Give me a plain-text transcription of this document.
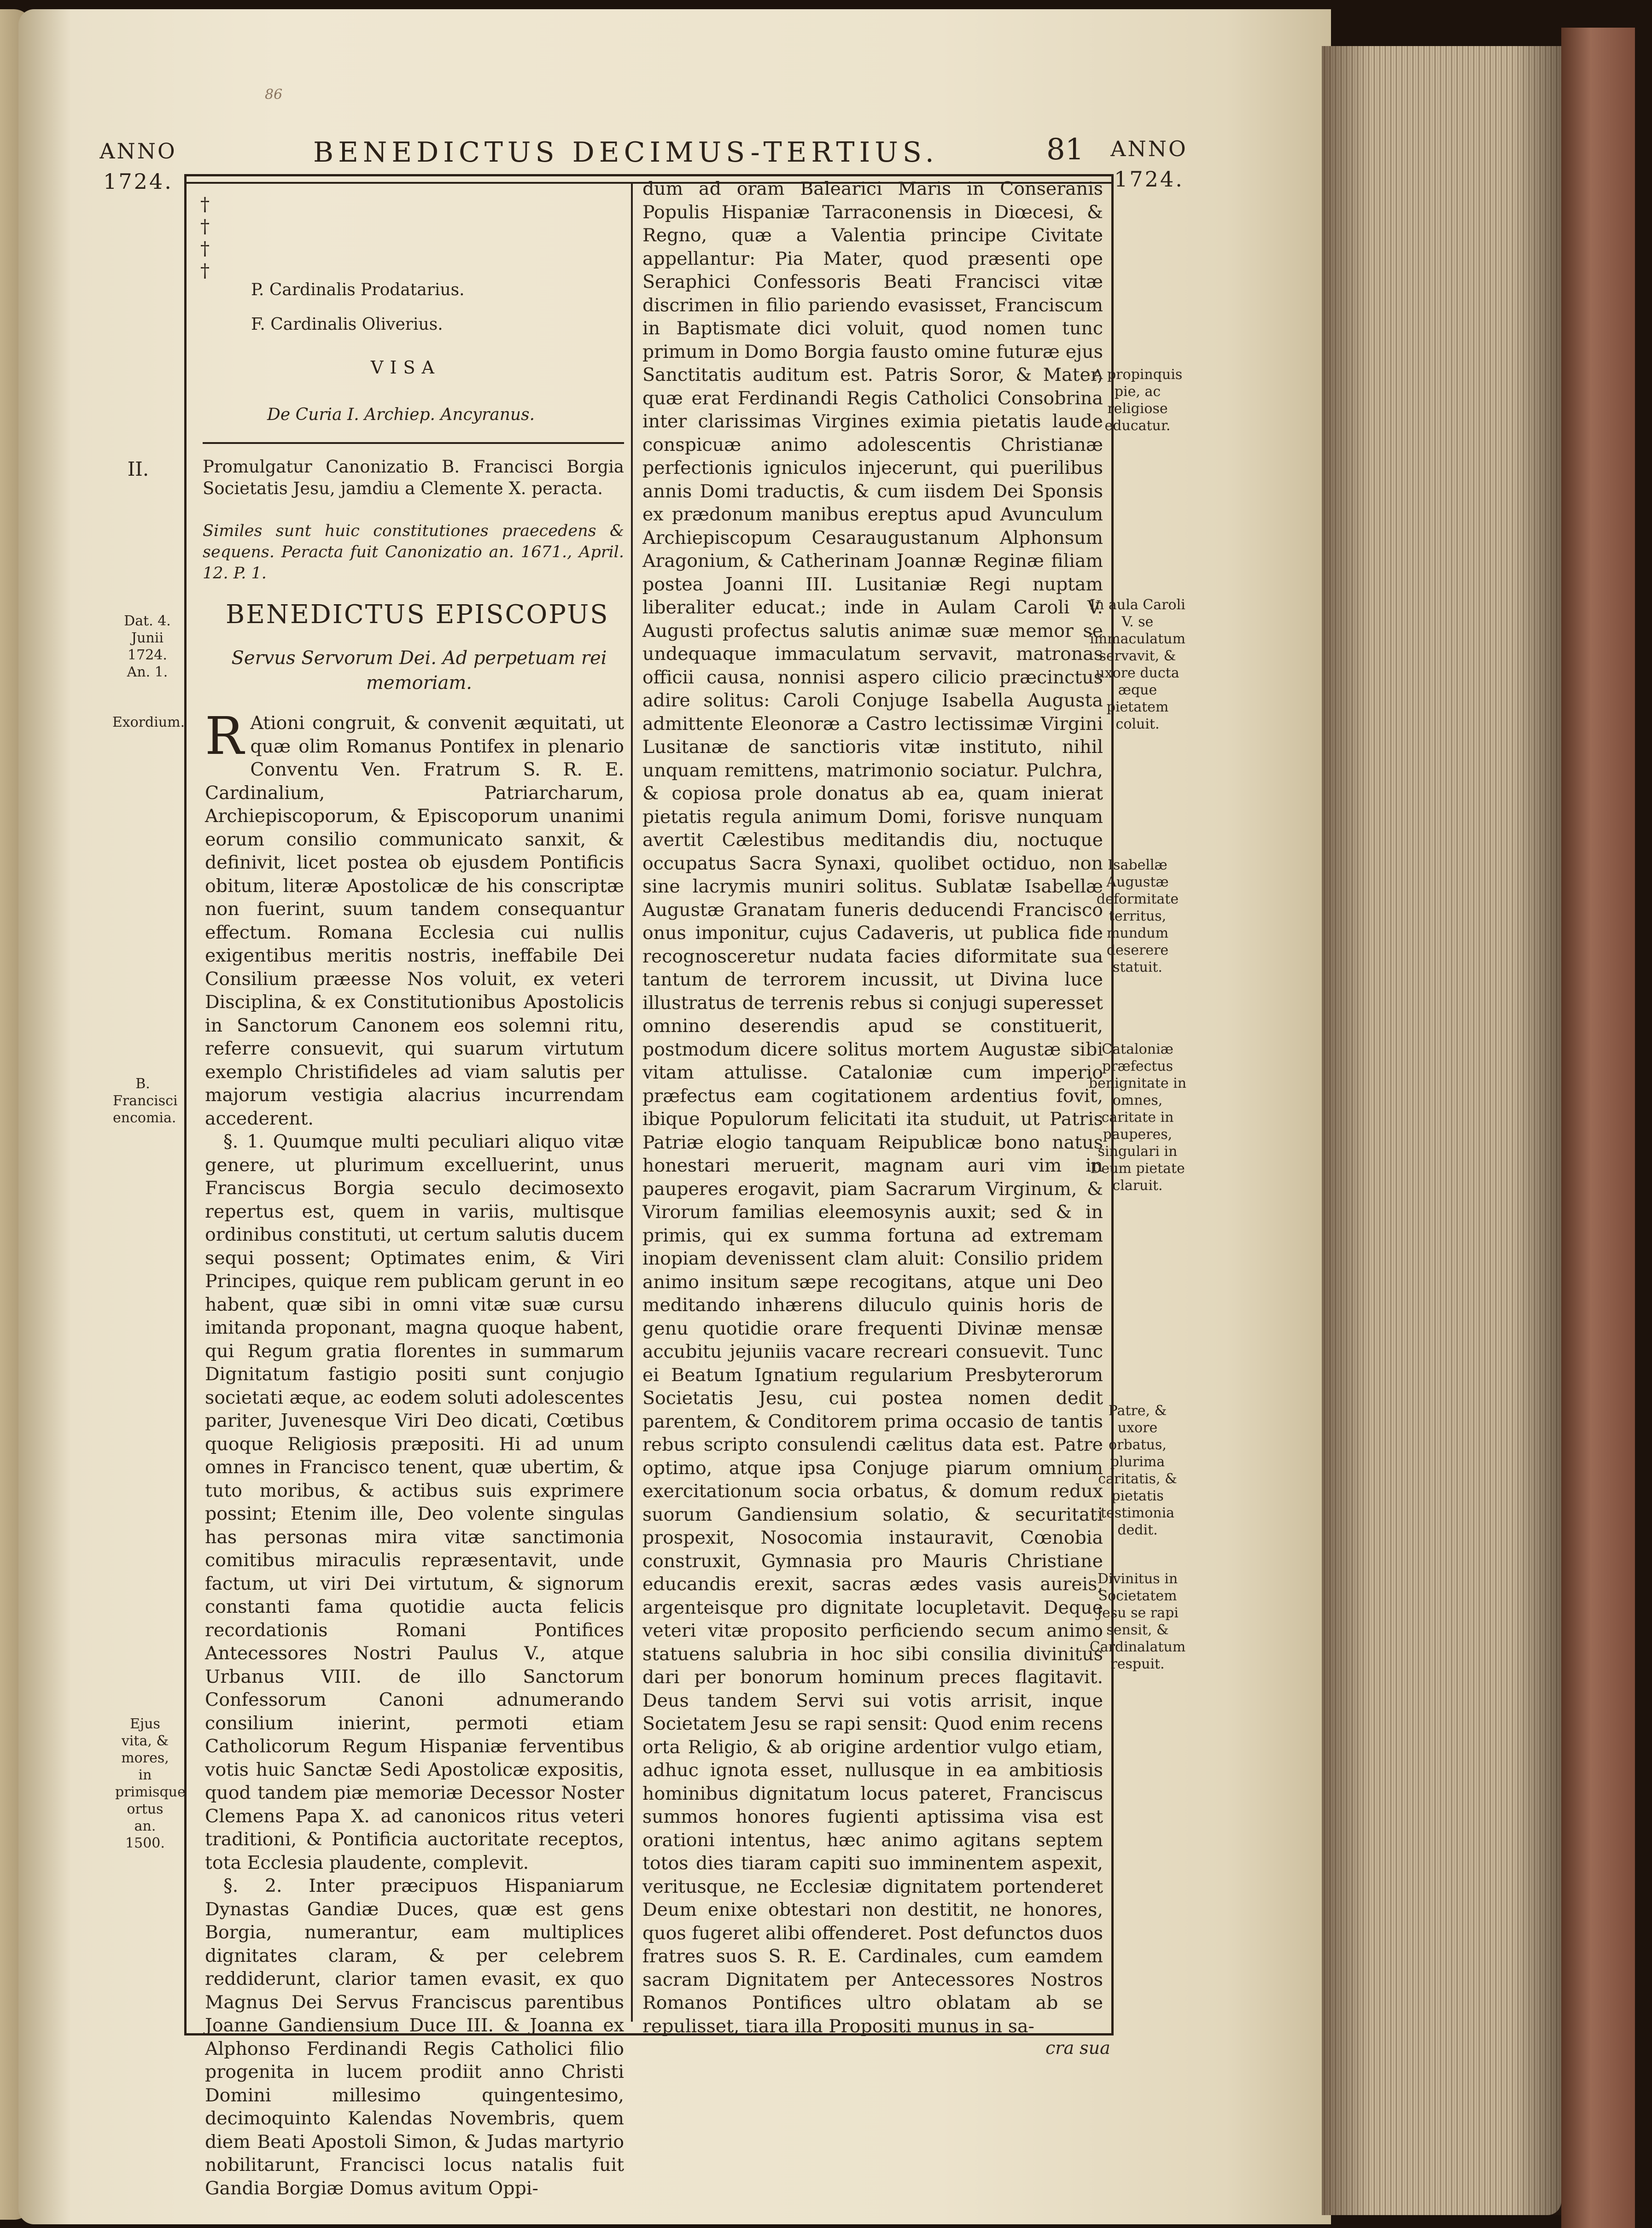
86
ANNO
1724.
BENEDICTUS DECIMUS-TERTIUS.	81 ANNO
1724.
†
†
†
†
P. Cardinalis Prodatarius.
F. Cardinalis Oliverius.
VISA
De Curia I. Archiep. Ancyranus.
Promulgatur Canonizatio B. Francisci Borgia Societatis Jesu, jamdiu a Clemente X. peracta.
Similes sunt huic constitutiones praecedens & sequens. Peracta fuit Canonizatio an. 1671., April. 12. P. 1.
BENEDICTUS EPISCOPUS
Servus Servorum Dei. Ad perpetuam rei memoriam.

R Ationi congruit, & convenit æquitati, ut quæ olim Romanus Pontifex in plenario Conventu Ven. Fratrum S. R. E. Cardinalium, Patriarcharum, Archiepiscoporum, & Episcoporum unanimi eorum consilio communicato sanxit, & definivit, licet postea ob ejusdem Pontificis obitum, literæ Apostolicæ de his conscriptæ non fuerint, suum tandem consequantur effectum. Romana Ecclesia cui nullis exigentibus meritis nostris, ineffabile Dei Consilium præesse Nos voluit, ex veteri Disciplina, & ex Constitutionibus Apostolicis in Sanctorum Canonem eos solemni ritu, referre consuevit, qui suarum virtutum exemplo Christifideles ad viam salutis per majorum vestigia alacrius incurrendam accederent.

§. 1. Quumque multi peculiari aliquo vitæ genere, ut plurimum excelluerint, unus Franciscus Borgia seculo decimosexto repertus est, quem in variis, multisque ordinibus constituti, ut certum salutis ducem sequi possent; Optimates enim, & Viri Principes, quique rem publicam gerunt in eo habent, quæ sibi in omni vitæ suæ cursu imitanda proponant, magna quoque habent, qui Regum gratia florentes in summarum Dignitatum fastigio positi sunt conjugio societati æque, ac eodem soluti adolescentes pariter, Juvenesque Viri Deo dicati, Cœtibus quoque Religiosis præpositi. Hi ad unum omnes in Francisco tenent, quæ ubertim, & tuto moribus, & actibus suis exprimere possint; Etenim ille, Deo volente singulas has personas mira vitæ sanctimonia comitibus miraculis repræsentavit, unde factum, ut viri Dei virtutum, & signorum constanti fama quotidie aucta felicis recordationis Romani Pontifices Antecessores Nostri Paulus V., atque Urbanus VIII. de illo Sanctorum Confessorum Canoni adnumerando consilium inierint, permoti etiam Catholicorum Regum Hispaniæ ferventibus votis huic Sanctæ Sedi Apostolicæ expositis, quod tandem piæ memoriæ Decessor Noster Clemens Papa X. ad canonicos ritus veteri traditioni, & Pontificia auctoritate receptos, tota Ecclesia plaudente, complevit.

§. 2. Inter præcipuos Hispaniarum Dynastas Gandiæ Duces, quæ est gens Borgia, numerantur, eam multiplices dignitates claram, & per celebrem reddiderunt, clarior tamen evasit, ex quo Magnus Dei Servus Franciscus parentibus Joanne Gandiensium Duce III. & Joanna ex Alphonso Ferdinandi Regis Catholici filio progenita in lucem prodiit anno Christi Domini millesimo quingentesimo, decimoquinto Kalendas Novembris, quem diem Beati Apostoli Simon, & Judas martyrio nobilitarunt, Francisci locus natalis fuit Gandia Borgiæ Domus avitum Oppi-

dum ad oram Balearici Maris in Conseranis Populis Hispaniæ Tarraconensis in Diœcesi, & Regno, quæ a Valentia principe Civitate appellantur: Pia Mater, quod præsenti ope Seraphici Confessoris Beati Francisci vitæ discrimen in filio pariendo evasisset, Franciscum in Baptismate dici voluit, quod nomen tunc primum in Domo Borgia fausto omine futuræ ejus Sanctitatis auditum est. Patris Soror, & Mater, quæ erat Ferdinandi Regis Catholici Consobrina inter clarissimas Virgines eximia pietatis laude conspicuæ animo adolescentis Christianæ perfectionis igniculos injecerunt, qui puerilibus annis Domi traductis, & cum iisdem Dei Sponsis ex prædonum manibus ereptus apud Avunculum Archiepiscopum Cesaraugustanum Alphonsum Aragonium, & Catherinam Joannæ Reginæ filiam postea Joanni III. Lusitaniæ Regi nuptam liberaliter educat.; inde in Aulam Caroli V. Augusti profectus salutis animæ suæ memor se undequaque immaculatum servavit, matronas officii causa, nonnisi aspero cilicio præcinctus adire solitus: Caroli Conjuge Isabella Augusta admittente Eleonoræ a Castro lectissimæ Virgini Lusitanæ de sanctioris vitæ instituto, nihil unquam remittens, matrimonio sociatur. Pulchra, & copiosa prole donatus ab ea, quam inierat pietatis regula animum Domi, forisve nunquam avertit Cælestibus meditandis diu, noctuque occupatus Sacra Synaxi, quolibet octiduo, non sine lacrymis muniri solitus. Sublatæ Isabellæ Augustæ Granatam funeris deducendi Francisco onus imponitur, cujus Cadaveris, ut publica fide recognosceretur nudata facies diformitate sua tantum de terrorem incussit, ut Divina luce illustratus de terrenis rebus si conjugi superesset omnino deserendis apud se constituerit, postmodum dicere solitus mortem Augustæ sibi vitam attulisse. Cataloniæ cum imperio præfectus eam cogitationem ardentius fovit, ibique Populorum felicitati ita studuit, ut Patris Patriæ elogio tanquam Reipublicæ bono natus honestari meruerit, magnam auri vim in pauperes erogavit, piam Sacrarum Virginum, & Virorum familias eleemosynis auxit; sed & in primis, qui ex summa fortuna ad extremam inopiam devenissent clam aluit: Consilio pridem animo insitum sæpe recogitans, atque uni Deo meditando inhærens diluculo quinis horis de genu quotidie orare frequenti Divinæ mensæ accubitu jejuniis vacare recreari consuevit. Tunc ei Beatum Ignatium regularium Presbyterorum Societatis Jesu, cui postea nomen dedit parentem, & Conditorem prima occasio de tantis rebus scripto consulendi cælitus data est. Patre optimo, atque ipsa Conjuge piarum omnium exercitationum socia orbatus, & domum redux suorum Gandiensium solatio, & securitati prospexit, Nosocomia instauravit, Cœnobia construxit, Gymnasia pro Mauris Christiane educandis erexit, sacras ædes vasis aureis, argenteisque pro dignitate locupletavit. Deque veteri vitæ proposito perficiendo secum animo statuens salubria in hoc sibi consilia divinitus dari per bonorum hominum preces flagitavit. Deus tandem Servi sui votis arrisit, inque Societatem Jesu se rapi sensit: Quod enim recens orta Religio, & ab origine ardentior vulgo etiam, adhuc ignota esset, nullusque in ea ambitiosis hominibus dignitatum locus pateret, Franciscus summos honores fugienti aptissima visa est orationi intentus, hæc animo agitans septem totos dies tiaram capiti suo imminentem aspexit, veritusque, ne Ecclesiæ dignitatem portenderet Deum enixe obtestari non destitit, ne honores, quos fugeret alibi offenderet. Post defunctos duos fratres suos S. R. E. Cardinales, cum eamdem sacram Dignitatem per Antecessores Nostros Romanos Pontifices ultro oblatam ab se repulisset, tiara illa Propositi munus in sa-
II.
Dat. 4. Junii 1724. An. 1.
Exordium.
B. Francisci encomia.
Ejus vita, & mores, in primisque ortus an. 1500.
A propinquis pie, ac religiose educatur.
In aula Caroli V. se immaculatum servavit, & uxore ducta æque pietatem coluit.
Isabellæ Augustæ deformitate territus, mundum deserere statuit.
Cataloniæ præfectus benignitate in omnes, caritate in pauperes, singulari in Deum pietate claruit.
Patre, & uxore orbatus, plurima caritatis, & pietatis testimonia dedit.
Divinitus in Societatem Jesu se rapi sensit, & Cardinalatum respuit.
cra sua
